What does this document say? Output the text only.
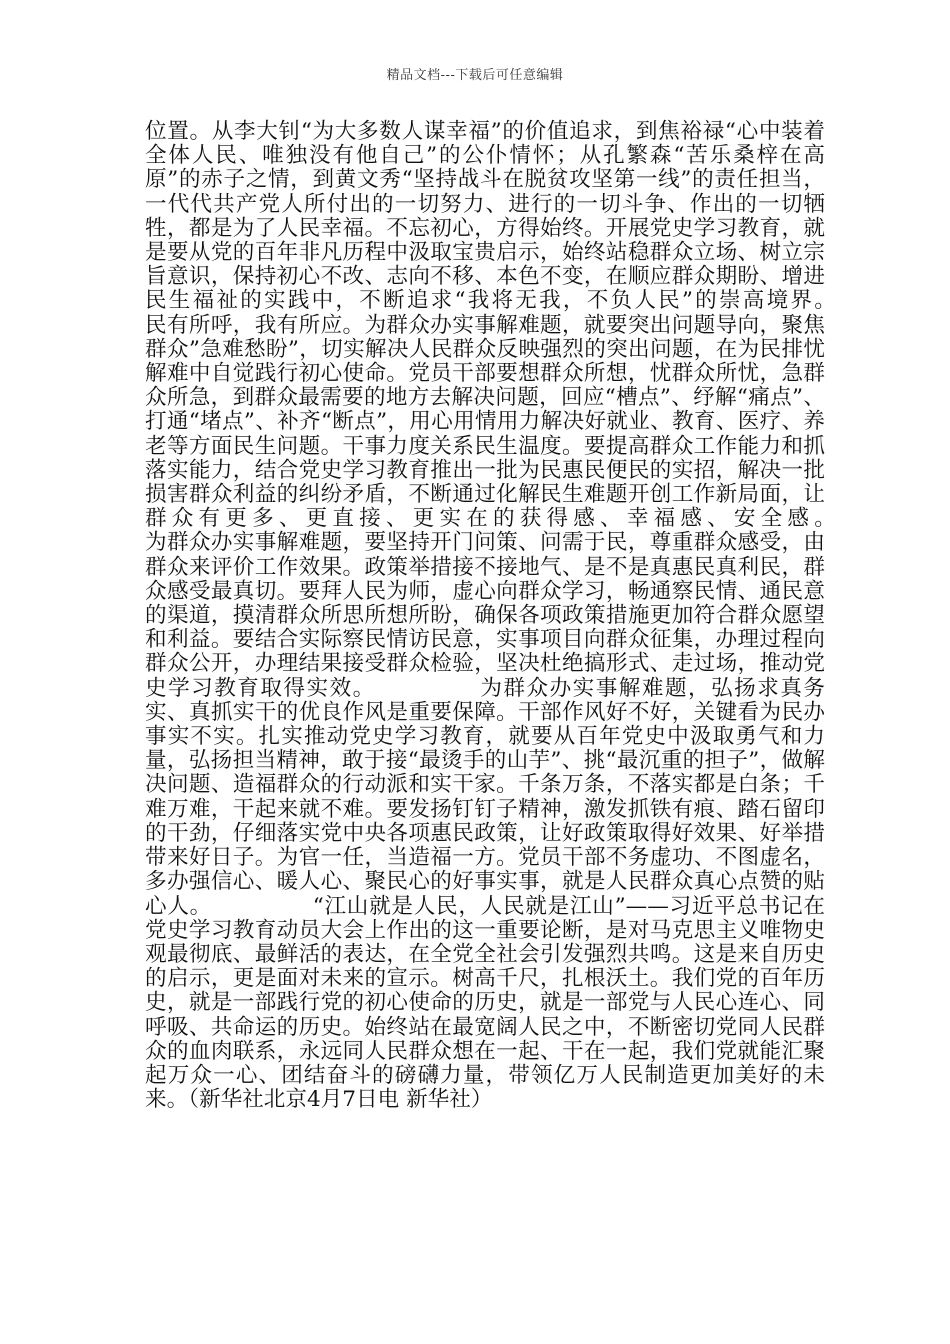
精品文档---下载后可任意编辑

位置。从李大钊“为大多数人谋幸福”的价值追求，到焦裕禄“心中装着全体人民、唯独没有他自己”的公仆情怀；从孔繁森“苦乐桑梓在高原”的赤子之情，到黄文秀“坚持战斗在脱贫攻坚第一线”的责任担当，一代代共产党人所付出的一切努力、进行的一切斗争、作出的一切牺牲，都是为了人民幸福。不忘初心，方得始终。开展党史学习教育，就是要从党的百年非凡历程中汲取宝贵启示，始终站稳群众立场、树立宗旨意识，保持初心不改、志向不移、本色不变，在顺应群众期盼、增进民生福祉的实践中，不断追求“我将无我，不负人民”的崇高境界。　　　　　民有所呼，我有所应。为群众办实事解难题，就要突出问题导向，聚焦群众”急难愁盼”，切实解决人民群众反映强烈的突出问题，在为民排忧解难中自觉践行初心使命。党员干部要想群众所想，忧群众所忧，急群众所急，到群众最需要的地方去解决问题，回应“槽点”、纾解“痛点”、打通“堵点”、补齐“断点”，用心用情用力解决好就业、教育、医疗、养老等方面民生问题。干事力度关系民生温度。要提高群众工作能力和抓落实能力，结合党史学习教育推出一批为民惠民便民的实招，解决一批损害群众利益的纠纷矛盾，不断通过化解民生难题开创工作新局面，让群众有更多、更直接、更实在的获得感、幸福感、安全感。　　　　　为群众办实事解难题，要坚持开门问策、问需于民，尊重群众感受，由群众来评价工作效果。政策举措接不接地气、是不是真惠民真利民，群众感受最真切。要拜人民为师，虚心向群众学习，畅通察民情、通民意的渠道，摸清群众所思所想所盼，确保各项政策措施更加符合群众愿望和利益。要结合实际察民情访民意，实事项目向群众征集，办理过程向群众公开，办理结果接受群众检验，坚决杜绝搞形式、走过场，推动党史学习教育取得实效。　　　　　为群众办实事解难题，弘扬求真务实、真抓实干的优良作风是重要保障。干部作风好不好，关键看为民办事实不实。扎实推动党史学习教育，就要从百年党史中汲取勇气和力量，弘扬担当精神，敢于接“最烫手的山芋”、挑“最沉重的担子”，做解决问题、造福群众的行动派和实干家。千条万条，不落实都是白条；千难万难，干起来就不难。要发扬钉钉子精神，激发抓铁有痕、踏石留印的干劲，仔细落实党中央各项惠民政策，让好政策取得好效果、好举措带来好日子。为官一任，当造福一方。党员干部不务虚功、不图虚名，多办强信心、暖人心、聚民心的好事实事，就是人民群众真心点赞的贴心人。　　　　　“江山就是人民，人民就是江山”——习近平总书记在党史学习教育动员大会上作出的这一重要论断，是对马克思主义唯物史观最彻底、最鲜活的表达，在全党全社会引发强烈共鸣。这是来自历史的启示，更是面对未来的宣示。树高千尺，扎根沃土。我们党的百年历史，就是一部践行党的初心使命的历史，就是一部党与人民心连心、同呼吸、共命运的历史。始终站在最宽阔人民之中，不断密切党同人民群众的血肉联系，永远同人民群众想在一起、干在一起，我们党就能汇聚起万众一心、团结奋斗的磅礴力量，带领亿万人民制造更加美好的未来。（新华社北京4月7日电 新华社）
